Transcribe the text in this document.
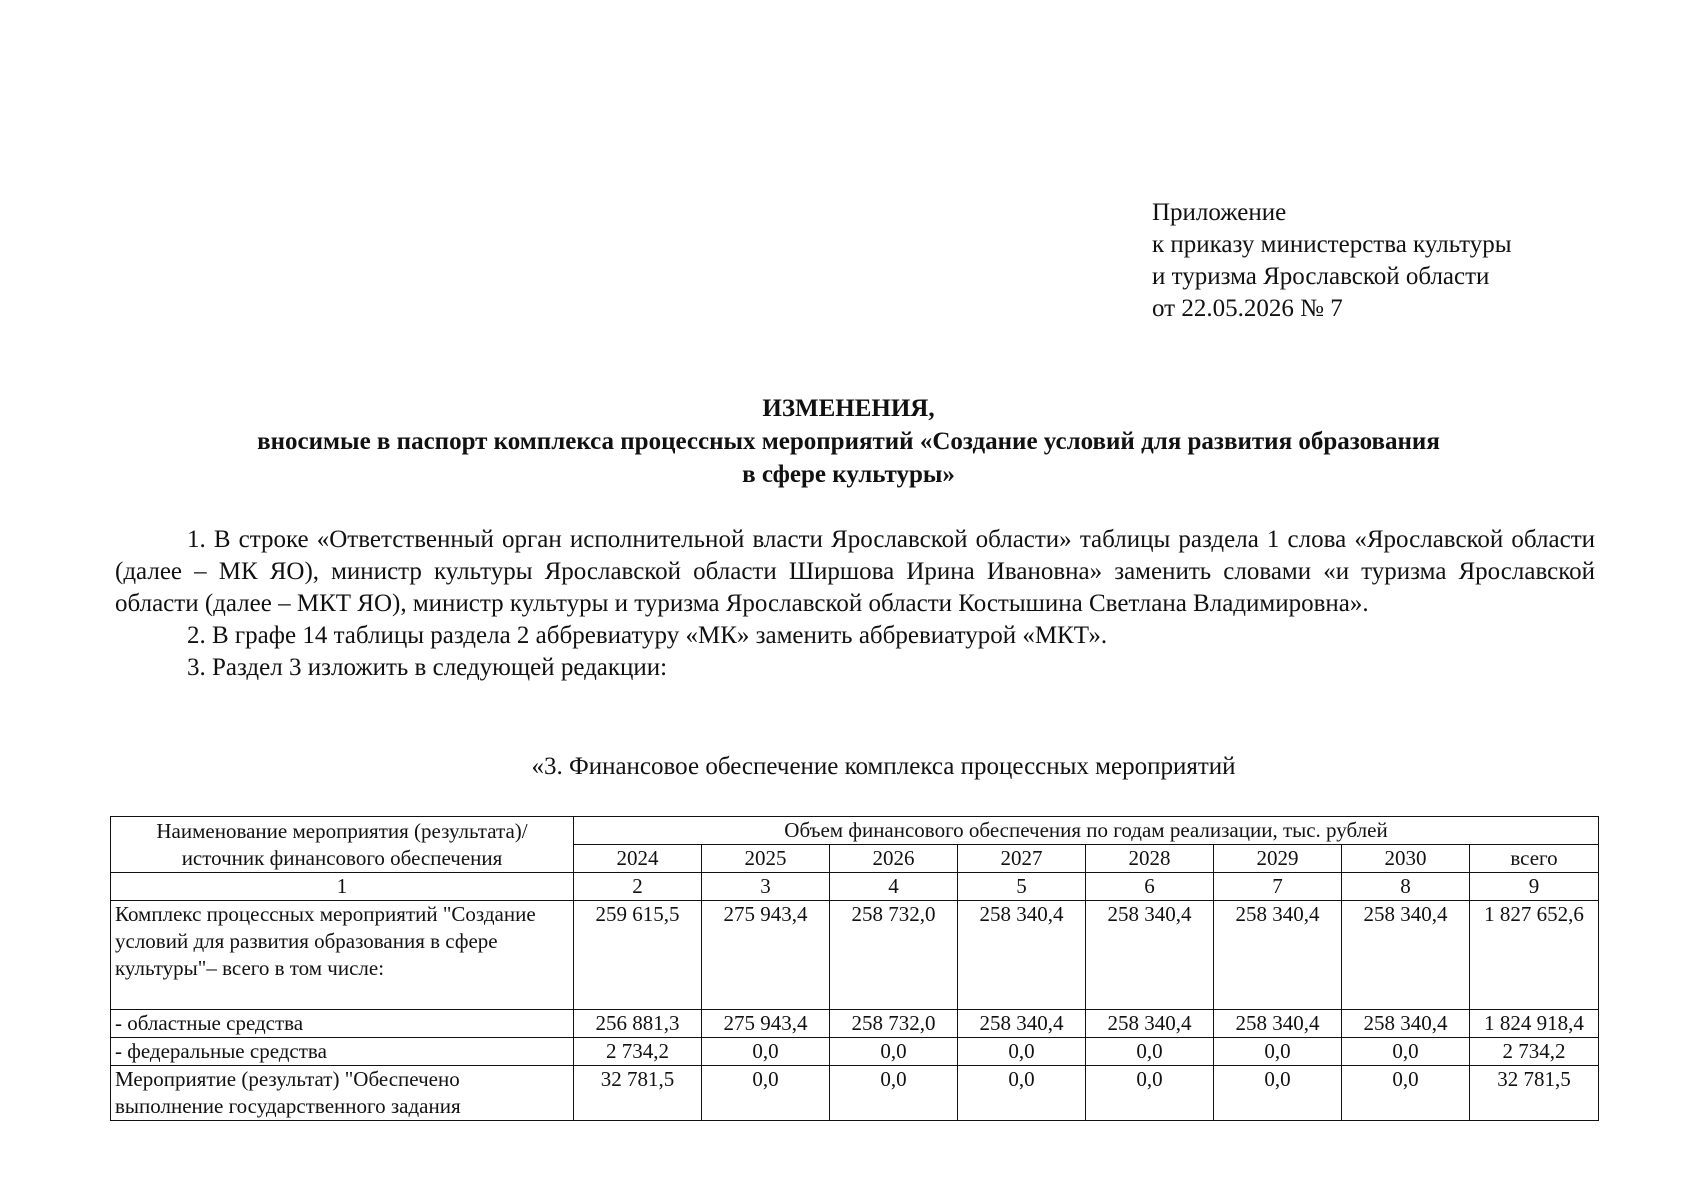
Приложение
к приказу министерства культуры
и туризма Ярославской области
от 22.05.2026 № 7
ИЗМЕНЕНИЯ,
вносимые в паспорт комплекса процессных мероприятий «Создание условий для развития образования
в сфере культуры»

1. В строке «Ответственный орган исполнительной власти Ярославской области» таблицы раздела 1 слова «Ярославской области (далее – МК ЯО), министр культуры Ярославской области Ширшова Ирина Ивановна» заменить словами «и туризма Ярославской области (далее – МКТ ЯО), министр культуры и туризма Ярославской области Костышина Светлана Владимировна».

2. В графе 14 таблицы раздела 2 аббревиатуру «МК» заменить аббревиатурой «МКТ».

3. Раздел 3 изложить в следующей редакции:

«3. Финансовое обеспечение комплекса процессных мероприятий
Наименование мероприятия (результата)/ источник финансового обеспечения	Объем финансового обеспечения по годам реализации, тыс. рублей							
	2024	2025	2026	2027	2028	2029	2030	всего
1	2	3	4	5	6	7	8	9
Комплекс процессных мероприятий "Создание условий для развития образования в сфере культуры"– всего в том числе:	259 615,5	275 943,4	258 732,0	258 340,4	258 340,4	258 340,4	258 340,4	1 827 652,6
- областные средства	256 881,3	275 943,4	258 732,0	258 340,4	258 340,4	258 340,4	258 340,4	1 824 918,4
- федеральные средства	2 734,2	0,0	0,0	0,0	0,0	0,0	0,0	2 734,2
Мероприятие (результат) "Обеспечено выполнение государственного задания	32 781,5	0,0	0,0	0,0	0,0	0,0	0,0	32 781,5
